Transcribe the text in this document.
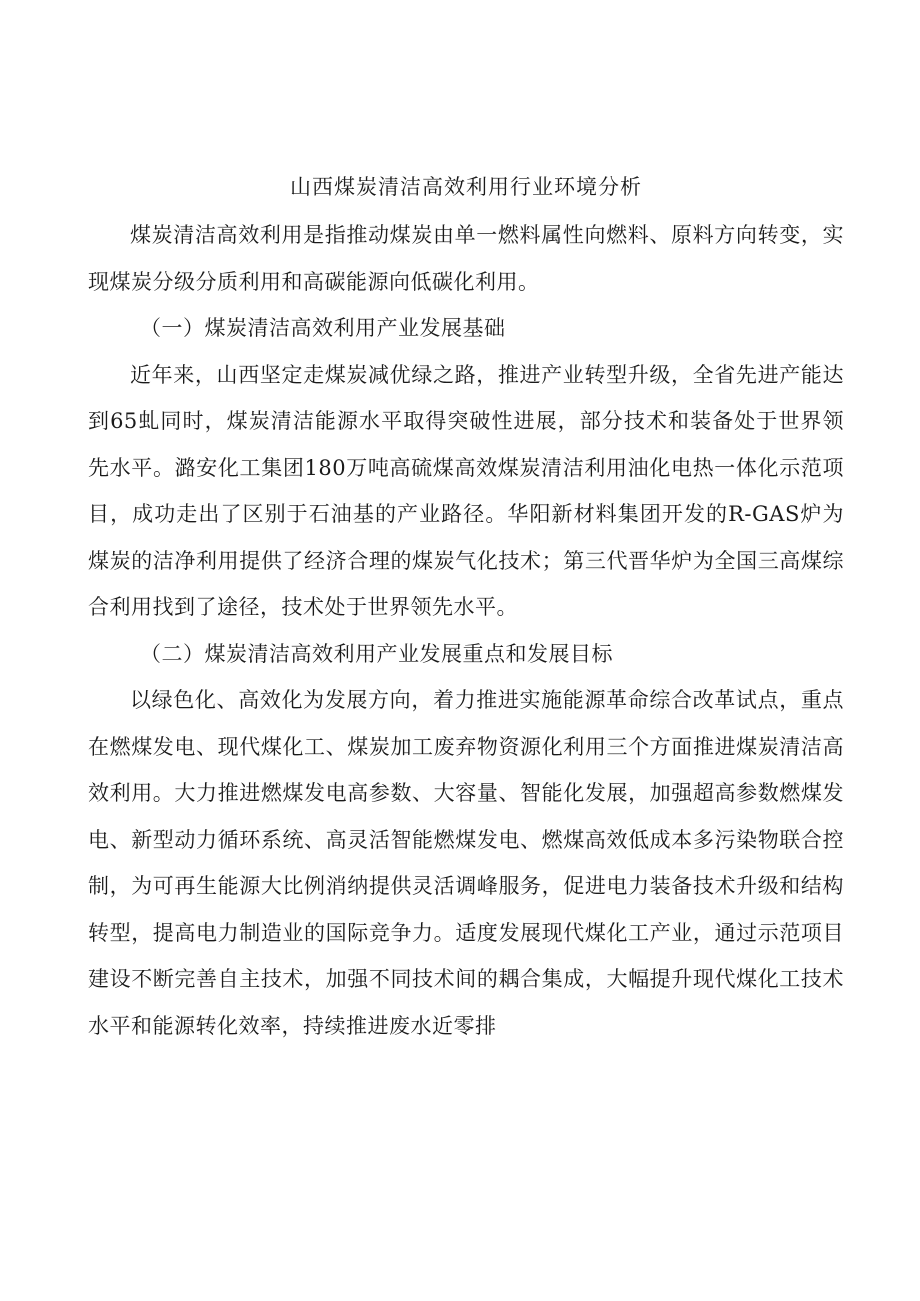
山西煤炭清洁高效利用行业环境分析

煤炭清洁高效利用是指推动煤炭由单一燃料属性向燃料、原料方向转变，实现煤炭分级分质利用和高碳能源向低碳化利用。

（一）煤炭清洁高效利用产业发展基础

近年来，山西坚定走煤炭减优绿之路，推进产业转型升级，全省先进产能达到65虬同时，煤炭清洁能源水平取得突破性进展，部分技术和装备处于世界领先水平。潞安化工集团180万吨高硫煤高效煤炭清洁利用油化电热一体化示范项目，成功走出了区别于石油基的产业路径。华阳新材料集团开发的R-GAS炉为煤炭的洁净利用提供了经济合理的煤炭气化技术；第三代晋华炉为全国三高煤综合利用找到了途径，技术处于世界领先水平。

（二）煤炭清洁高效利用产业发展重点和发展目标

以绿色化、高效化为发展方向，着力推进实施能源革命综合改革试点，重点在燃煤发电、现代煤化工、煤炭加工废弃物资源化利用三个方面推进煤炭清洁高效利用。大力推进燃煤发电高参数、大容量、智能化发展，加强超高参数燃煤发电、新型动力循环系统、高灵活智能燃煤发电、燃煤高效低成本多污染物联合控制，为可再生能源大比例消纳提供灵活调峰服务，促进电力装备技术升级和结构转型，提高电力制造业的国际竞争力。适度发展现代煤化工产业，通过示范项目建设不断完善自主技术，加强不同技术间的耦合集成，大幅提升现代煤化工技术水平和能源转化效率，持续推进废水近零排
